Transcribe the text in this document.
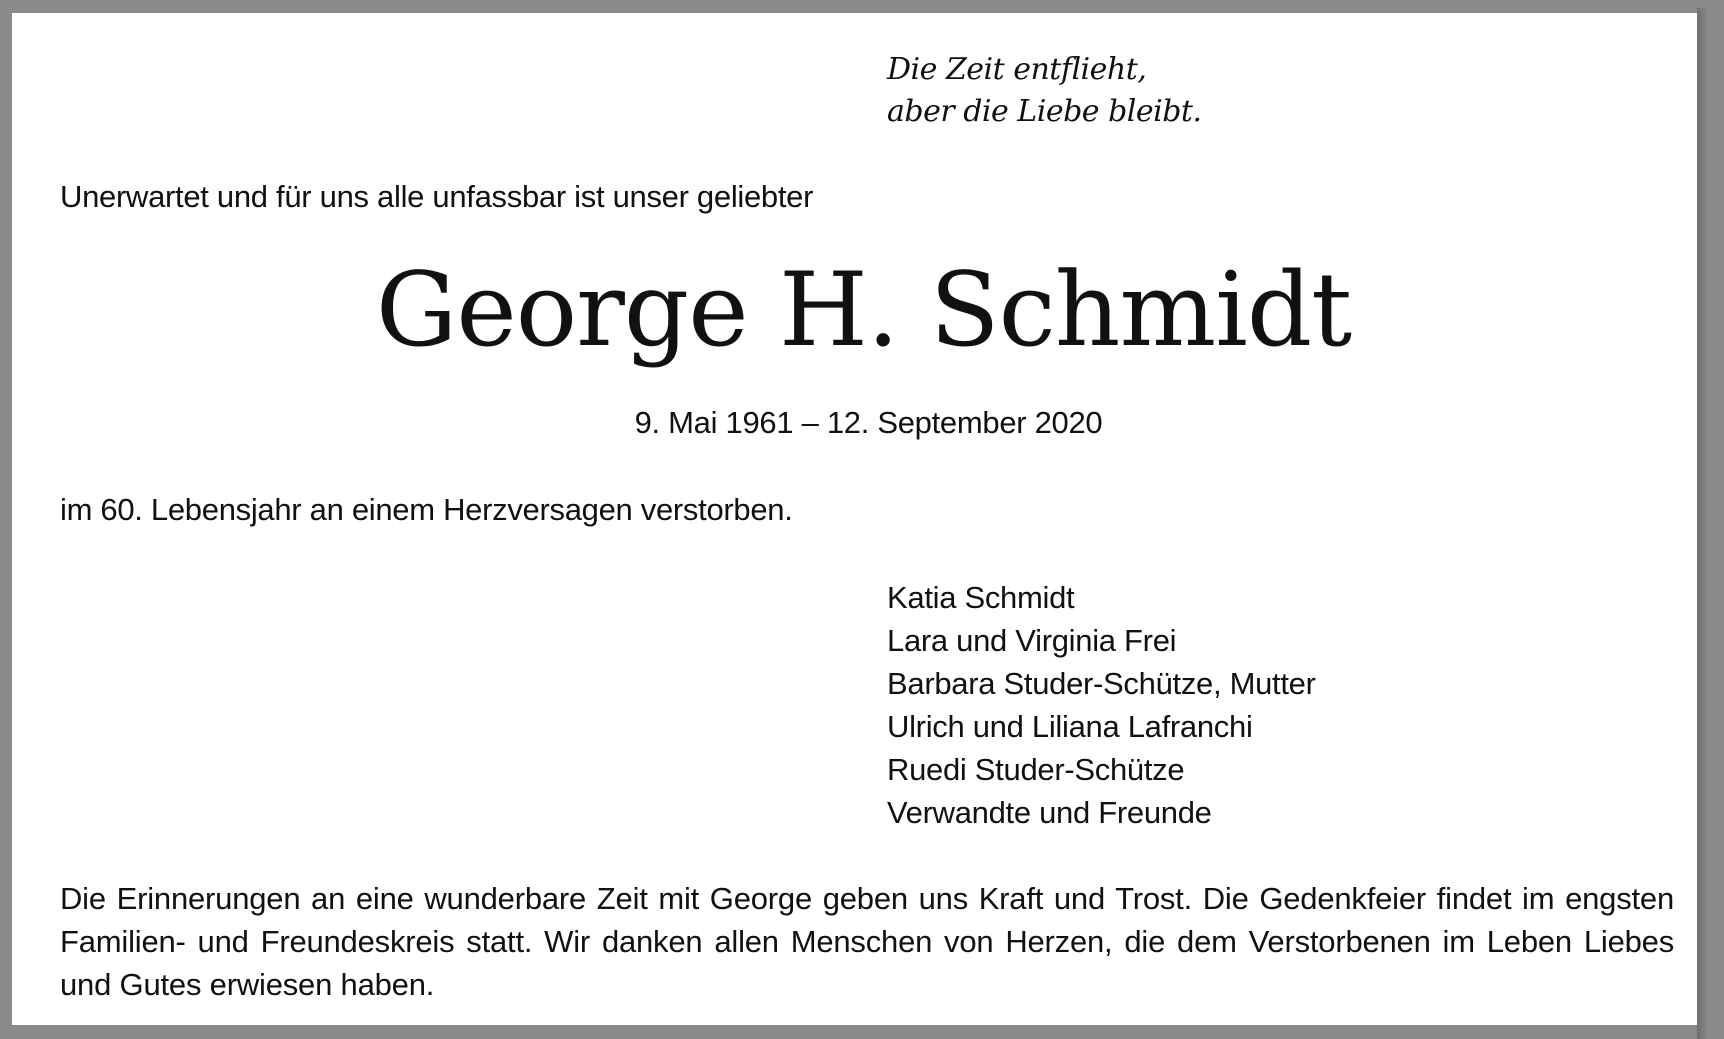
Die Zeit entflieht,
aber die Liebe bleibt.

Unerwartet und für uns alle unfassbar ist unser geliebter

George H. Schmidt

9. Mai 1961 – 12. September 2020

im 60. Lebensjahr an einem Herzversagen verstorben.

Katia Schmidt
Lara und Virginia Frei
Barbara Studer-Schütze, Mutter
Ulrich und Liliana Lafranchi
Ruedi Studer-Schütze
Verwandte und Freunde

Die Erinnerungen an eine wunderbare Zeit mit George geben uns Kraft und Trost. Die Gedenkfeier findet im engsten Familien- und Freundeskreis statt. Wir danken allen Menschen von Herzen, die dem Verstorbenen im Leben Liebes und Gutes erwiesen haben.
